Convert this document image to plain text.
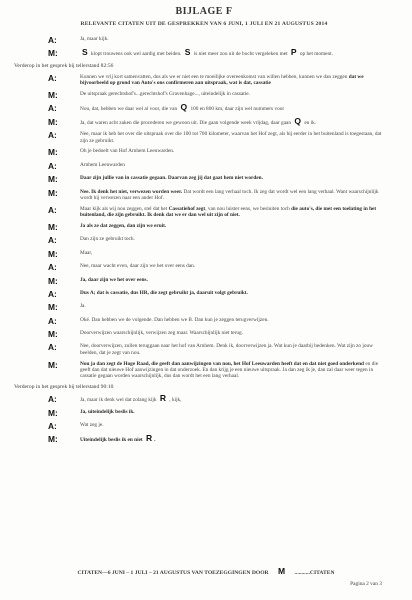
BIJLAGE F
RELEVANTE CITATEN UIT DE GESPREKKEN VAN 6 JUNI, 1 JULI EN 21 AUGUSTUS 2014
A:	Ja, maar kijk.
M:	S klopt trouwens ook wel aardig met beiden. S is niet meer zou uit de bocht vergeleken met P op het moment.
Verderop in het gesprek bij tellerstand 82:56
A:	Kunnen we vrij kort samenvatten, dus als we er niet een te moeilijke overeenkomst van willen hebben, kunnen we dan zeggen dat we bijvoorbeeld op grond van Auto's ons confirmeren aan uitspraak, wat is dat, cassatie
M:	De uitspraak gerechtshof's...gerechtshof's Gravenhage..., uiteindelijk in cassatie.
A:	Nou, dat, hebben we daar wel al voor, die van Q 100 en 800 km, daar zijn wel nummers voor
M:	Ja, dat waren acht zaken die procederen we gewoon uit. Die gaan volgende week vrijdag, daar gaan Q en ik.
A:	Nee, maar ik heb het over die uitspraak over die 100 tot 700 kilometer, waarvan het Hof zegt, als hij eerder in het buitenland is toegestaan, dat zijn ze gebruikt.
M:	Oh je bedoelt van Hof Arnhem Leeuwarden.
A:	Arnhem Leeuwarden
M:	Daar zijn jullie van in cassatie gegaan. Daarvan zeg jij dat gaat hem niet worden.
M:	Nee. Ik denk het niet, verwezen worden weer. Dat wordt een lang verhaal toch. Ik zeg dat wordt wel een lang verhaal. Want waarschijnlijk wordt hij verwezen naar een ander Hof.
A:	Maar kijk als wij nou zeggen, stel dat het Cassatiehof zegt, van nou luister eens, we besluiten toch die auto's, die met een toelating in het buitenland, die zijn gebruikt. Ik denk dat we er dan wel uit zijn of niet.
M:	Ja als ze dat zeggen, dan zijn we eruit.
A:	Dan zijn ze gebruikt toch.
M:	Maar,
A:	Nee, maar wacht even, daar zijn we het over eens dan.
M:	Ja, daar zijn we het over eens.
A:	Dus A; dat is cassatie, dus HR, die zegt gebruikt ja, daaruit volgt gebruikt.
M:	Ja.
A:	Oké. Dan hebben we de volgende. Dan hebben we B. Dan kun je zeggen terugverwijzen.
M:	Doorverwijzen waarschijnlijk, verwijzen zeg maar. Waarschijnlijk niet terug.
A:	Nee, doorverwijzen, zullen teruggaan naar het hof van Arnhem. Denk ik, doorverwijzen ja. Wat kun je daarbij bedenken. Wat zijn zo jouw beelden, dat je zegt van nou.
M:	Nou ja dan zegt de Hoge Raad, die geeft dan aanwijzingen van nou, het Hof Leeuwarden heeft dat en dat niet goed onderkend en die geeft dan dat nieuwe Hof aanwijzingen in dat onderzoek. En dan krijg je een nieuwe uitspraak. Ja dan zeg ik je, dan zal daar weer tegen in cassatie gegaan worden waarschijnlijk, dus dan wordt het een lang verhaal.
Verderop in het gesprek bij tellerstand 90:10
A:	Ja, maar ik denk wel dat zolang kijk R , kijk,
M:	Ja, uiteindelijk beslis ik.
A:	Wat zeg je.
M:	Uiteindelijk beslis ik en niet R .
CITATEN—6 JUNI – 1 JULI – 21 AUGUSTUS VAN TOEZEGGINGEN DOOR M ...........CITATEN
Pagina 2 van 3
